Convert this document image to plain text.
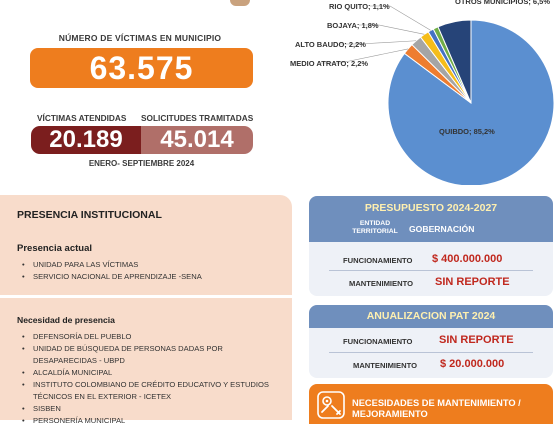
NÚMERO DE VÍCTIMAS EN MUNICIPIO
63.575
VÍCTIMAS ATENDIDAS SOLICITUDES TRAMITADAS
20.189	45.014
ENERO- SEPTIEMBRE 2024
OTROS MUNICIPIOS; 6,5%
RIO QUITO; 1,1%
BOJAYA; 1,8%
ALTO BAUDO; 2,2%
MEDIO ATRATO; 2,2%
QUIBDO; 85,2%
PRESENCIA INSTITUCIONAL
Presencia actual
• UNIDAD PARA LAS VÍCTIMAS
• SERVICIO NACIONAL DE APRENDIZAJE -SENA
Necesidad de presencia
• DEFENSORÍA DEL PUEBLO
• UNIDAD DE BÚSQUEDA DE PERSONAS DADAS POR DESAPARECIDAS - UBPD
• ALCALDÍA MUNICIPAL
• INSTITUTO COLOMBIANO DE CRÉDITO EDUCATIVO Y ESTUDIOS TÉCNICOS EN EL EXTERIOR - ICETEX
• SISBEN
• PERSONERÍA MUNICIPAL
PRESUPUESTO 2024-2027
ENTIDAD TERRITORIAL	GOBERNACIÓN
FUNCIONAMIENTO $ 400.000.000
MANTENIMIENTO SIN REPORTE
ANUALIZACION PAT 2024
FUNCIONAMIENTO SIN REPORTE
MANTENIMIENTO $ 20.000.000
NECESIDADES DE MANTENIMIENTO / MEJORAMIENTO
